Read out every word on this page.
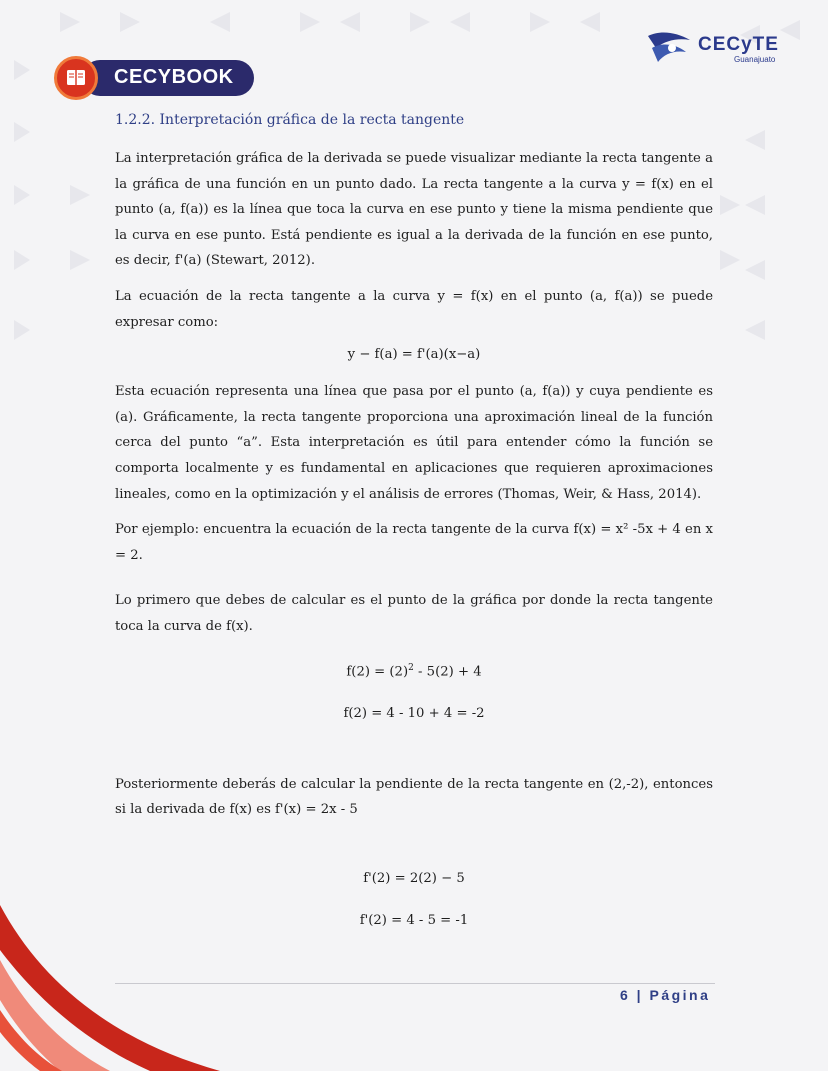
CECYBOOK
CECyTE
Guanajuato
1.2.2. Interpretación gráfica de la recta tangente

La interpretación gráfica de la derivada se puede visualizar mediante la recta tangente a la gráfica de una función en un punto dado. La recta tangente a la curva y = f(x) en el punto (a, f(a)) es la línea que toca la curva en ese punto y tiene la misma pendiente que la curva en ese punto. Está pendiente es igual a la derivada de la función en ese punto, es decir, f'(a) (Stewart, 2012).

La ecuación de la recta tangente a la curva y = f(x) en el punto (a, f(a)) se puede expresar como:

y − f(a) = f'(a)(x−a)

Esta ecuación representa una línea que pasa por el punto (a, f(a)) y cuya pendiente es (a). Gráficamente, la recta tangente proporciona una aproximación lineal de la función cerca del punto “a”. Esta interpretación es útil para entender cómo la función se comporta localmente y es fundamental en aplicaciones que requieren aproximaciones lineales, como en la optimización y el análisis de errores (Thomas, Weir, & Hass, 2014).

Por ejemplo: encuentra la ecuación de la recta tangente de la curva f(x) = x² -5x + 4 en x = 2.

Lo primero que debes de calcular es el punto de la gráfica por donde la recta tangente toca la curva de f(x).

$f(2) = (2)^2 - 5(2) + 4$
f(2) = 4 - 10 + 4 = -2

Posteriormente deberás de calcular la pendiente de la recta tangente en (2,-2), entonces si la derivada de f(x) es f'(x) = 2x - 5

f'(2) = 2(2) − 5
f'(2) = 4 - 5 = -1
6 | Página
